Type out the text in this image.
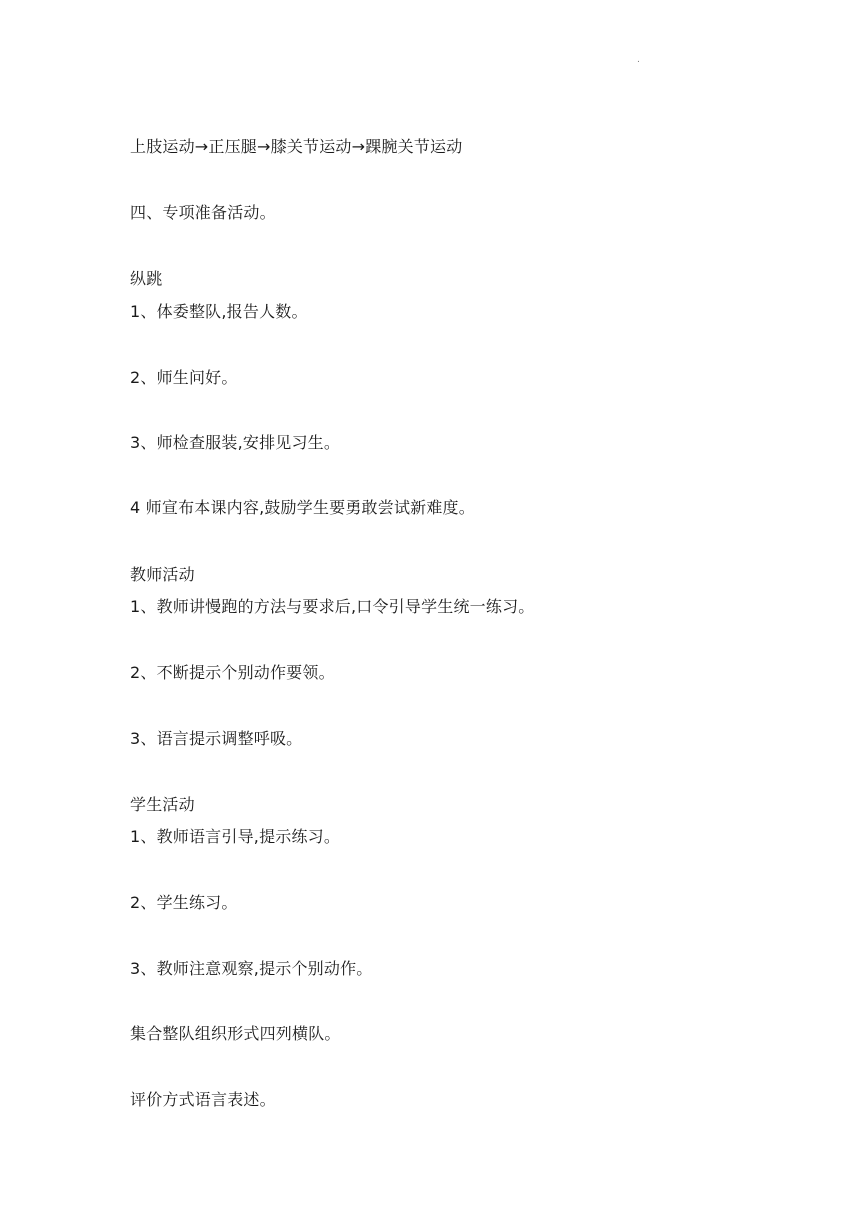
.
上肢运动→正压腿→膝关节运动→踝腕关节运动
四、专项准备活动。
纵跳
1、体委整队,报告人数。
2、师生问好。
3、师检查服装,安排见习生。
4 师宣布本课内容,鼓励学生要勇敢尝试新难度。
教师活动
1、教师讲慢跑的方法与要求后,口令引导学生统一练习。
2、不断提示个别动作要领。
3、语言提示调整呼吸。
学生活动
1、教师语言引导,提示练习。
2、学生练习。
3、教师注意观察,提示个别动作。
集合整队组织形式四列横队。
评价方式语言表述。
